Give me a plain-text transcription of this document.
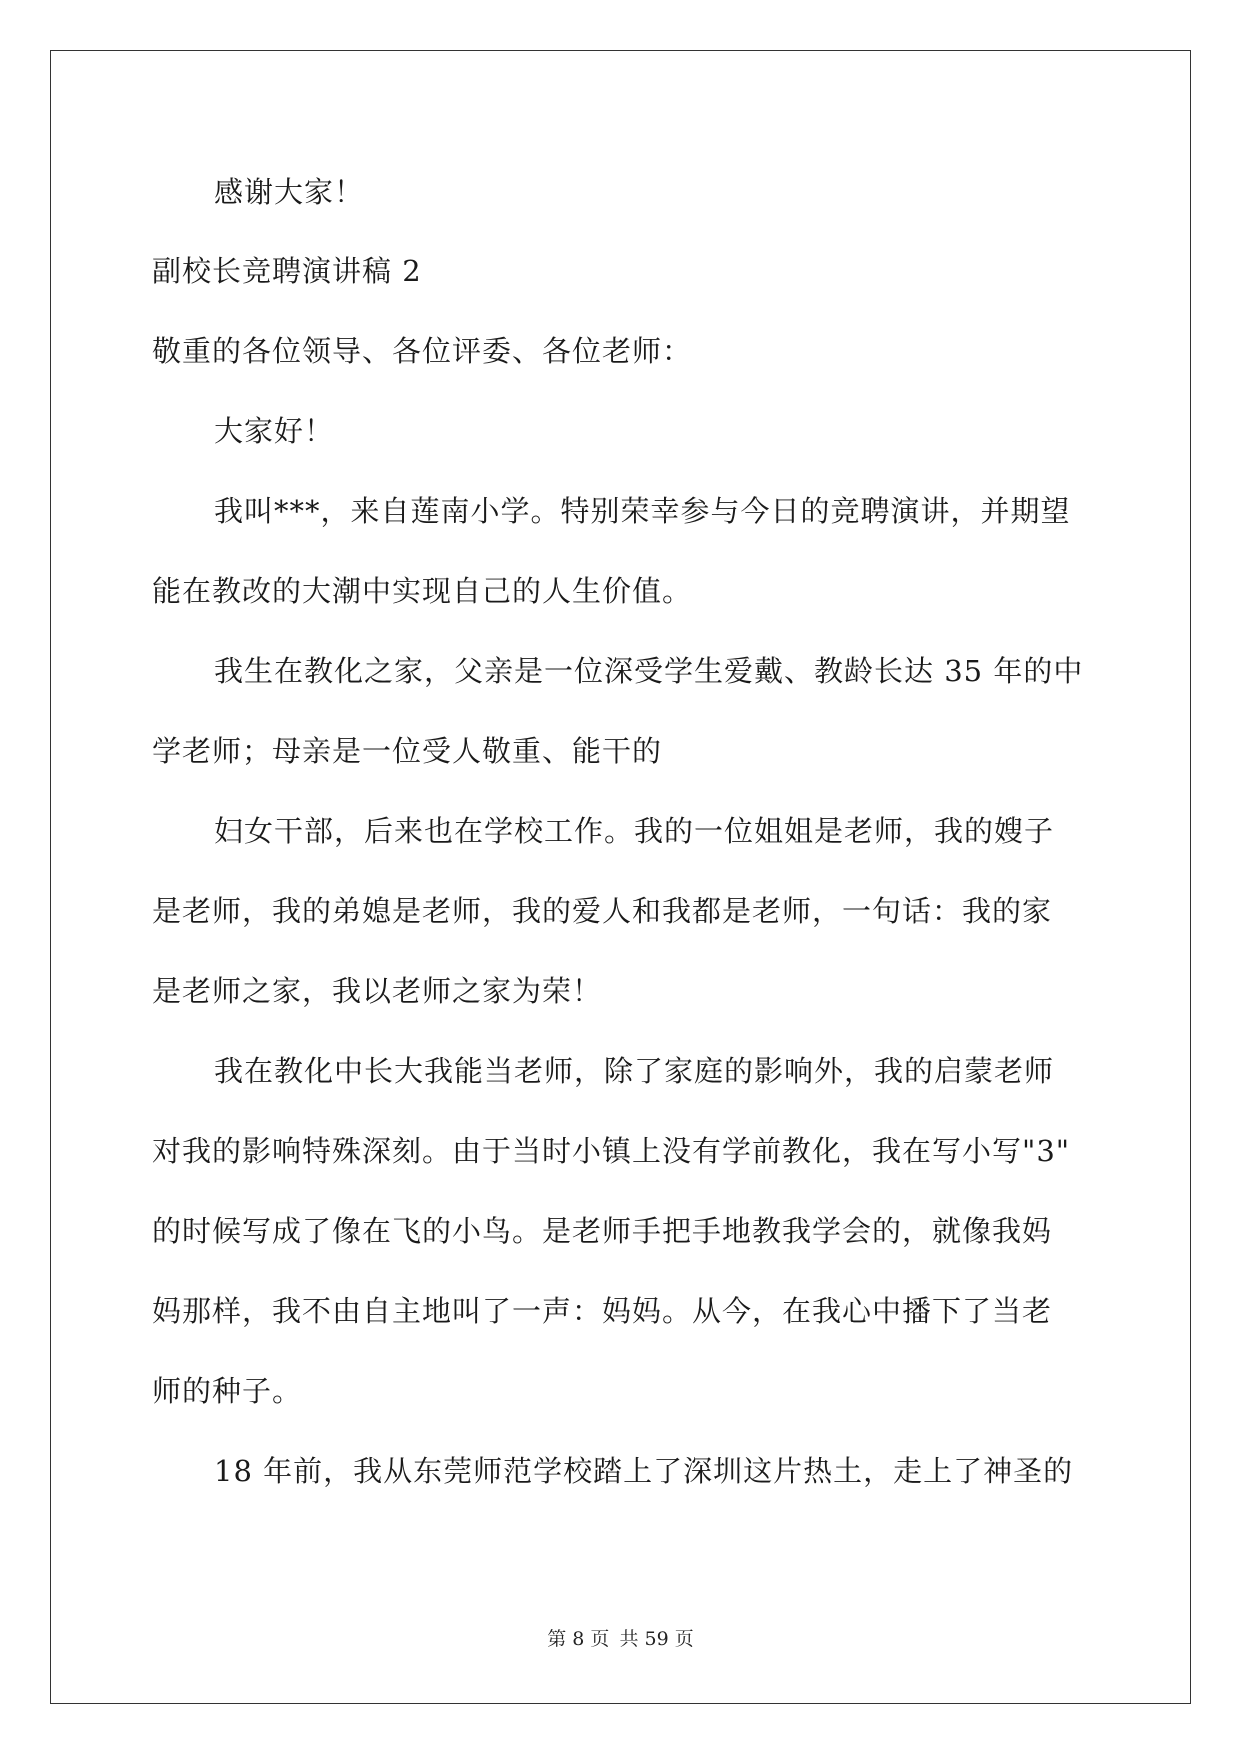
感谢大家！

副校长竞聘演讲稿 2

敬重的各位领导、各位评委、各位老师：

大家好！

我叫***，来自莲南小学。特别荣幸参与今日的竞聘演讲，并期望

能在教改的大潮中实现自己的人生价值。

我生在教化之家，父亲是一位深受学生爱戴、教龄长达 35 年的中

学老师；母亲是一位受人敬重、能干的

妇女干部，后来也在学校工作。我的一位姐姐是老师，我的嫂子

是老师，我的弟媳是老师，我的爱人和我都是老师，一句话：我的家

是老师之家，我以老师之家为荣！

我在教化中长大我能当老师，除了家庭的影响外，我的启蒙老师

对我的影响特殊深刻。由于当时小镇上没有学前教化，我在写小写"3"

的时候写成了像在飞的小鸟。是老师手把手地教我学会的，就像我妈

妈那样，我不由自主地叫了一声：妈妈。从今，在我心中播下了当老

师的种子。

18 年前，我从东莞师范学校踏上了深圳这片热土，走上了神圣的

第 8 页 共 59 页
